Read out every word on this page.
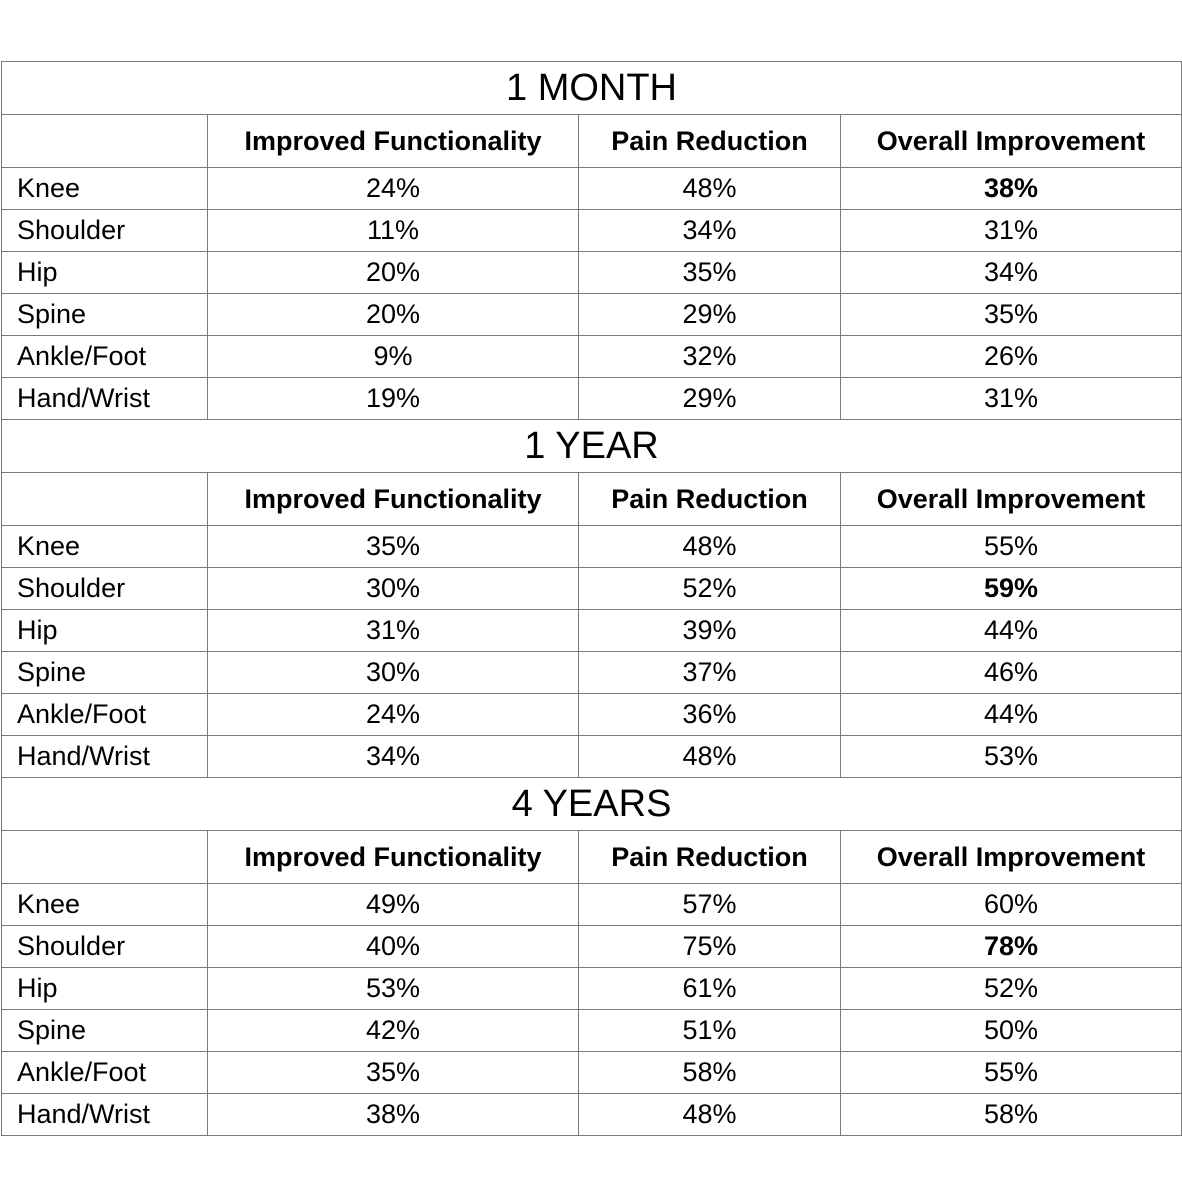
1 MONTH			
	Improved Functionality	Pain Reduction	Overall Improvement
Knee	24%	48%	38%
Shoulder	11%	34%	31%
Hip	20%	35%	34%
Spine	20%	29%	35%
Ankle/Foot	9%	32%	26%
Hand/Wrist	19%	29%	31%
1 YEAR			
	Improved Functionality	Pain Reduction	Overall Improvement
Knee	35%	48%	55%
Shoulder	30%	52%	59%
Hip	31%	39%	44%
Spine	30%	37%	46%
Ankle/Foot	24%	36%	44%
Hand/Wrist	34%	48%	53%
4 YEARS			
	Improved Functionality	Pain Reduction	Overall Improvement
Knee	49%	57%	60%
Shoulder	40%	75%	78%
Hip	53%	61%	52%
Spine	42%	51%	50%
Ankle/Foot	35%	58%	55%
Hand/Wrist	38%	48%	58%
